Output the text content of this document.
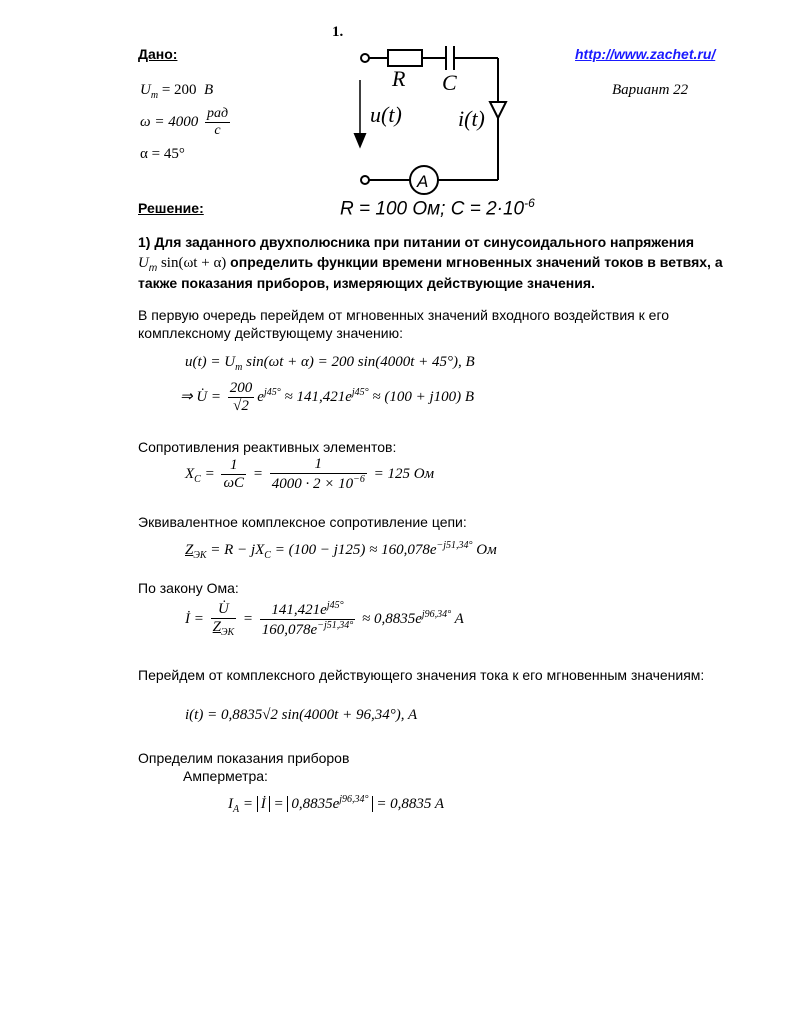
1.
Дано:	http://www.zachet.ru/
Вариант 22
$U_m = 200$ B
$\omega = 4000 \frac{\text{рад}}{c}$
α = 45°
R C
u(t)	i(t)
A
R = 100 Ом; $C = 2\cdot 10^{-6}$
Решение:
1) Для заданного двухполюсника при питании от синусоидального напряжения
$U_m$ sin(ωt + α) определить функции времени мгновенных значений токов в ветвях, а
также показания приборов, измеряющих действующие значения.
В первую очередь перейдем от мгновенных значений входного воздействия к его
комплексному действующему значению:
$u(t) = U_m$ sin(ωt + α) = 200 sin(4000t + 45°), B
⇒ U̇ = $\frac{200}{√2} e^{j45^\circ} \approx 141,421e^{j45^\circ} \approx (100 + j100)$ B
Сопротивления реактивных элементов:
$X_C = \frac{1}{\omega C} = \frac{1}{4000 \cdot 2 \times 10^{-6}} = 125$ Ом
Эквивалентное комплексное сопротивление цепи:
$Z_{ЭК} = R - jX_C = (100 - j125) \approx 160,078e^{-j51,34^\circ}$ Ом
По закону Ома:
İ = $\frac{U̇}{Z_{ЭК}} = \frac{141,421e^{j45^\circ}}{160,078e^{-j51,34^\circ}} \approx 0,8835e^{j96,34^\circ}$ A
Перейдем от комплексного действующего значения тока к его мгновенным значениям:
i(t) = 0,8835√2 sin(4000t + 96,34°), A
Определим показания приборов
Амперметра:
$I_A$ = İ = $0,8835e^{j96,34^\circ} = 0,8835$ A
